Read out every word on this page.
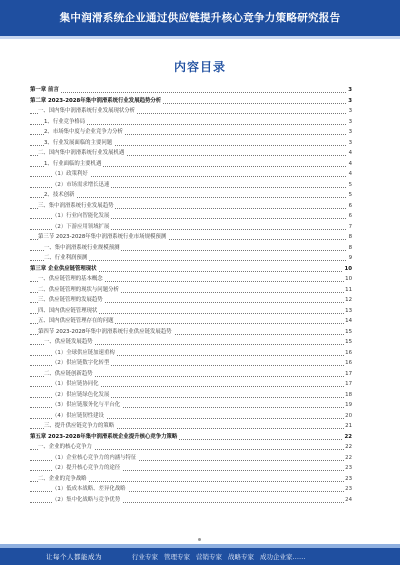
集中润滑系统企业通过供应链提升核心竞争力策略研究报告
内容目录
第一章 前言	3
第二章 2023-2028年集中润滑系统行业发展趋势分析	3
一、国内集中润滑系统行业发展现状分析	3
1、行业竞争格局	3
2、市场集中度与企业竞争力分析	3
3、行业发展面临的主要问题	3
二、国内集中润滑系统行业发展机遇	4
1、行业面临的主要机遇	4
（1）政策利好	4
（2）市场需求增长迅速	5
2、技术创新	5
三、集中润滑系统行业发展趋势	6
（1）行业向智能化发展	6
（2）下游应用领域扩展	7
第三节 2023-2028年集中润滑系统行业市场规模预测	8
一、集中润滑系统行业规模预测	8
二、行业利润预测	9
第三章 企业供应链管理现状	10
一、供应链管理的基本概念	10
二、供应链管理的现状与问题分析	11
三、供应链管理的发展趋势	12
四、国内供应链管理现状	13
五、国内供应链管理存在的问题	14
第四节 2023-2028年集中润滑系统行业供应链发展趋势	15
一、供应链发展趋势	15
（1）全球供应链加速重构	16
（2）供应链数字化转型	16
二、供应链创新趋势	17
（1）供应链协同化	17
（2）供应链绿色化发展	18
（3）供应链服务化与平台化	19
（4）供应链韧性建设	20
三、提升供应链竞争力的策略	21
第五章 2023-2028年集中润滑系统企业提升核心竞争力策略	22
一、企业的核心竞争力	22
（1）企业核心竞争力的内涵与特征	22
（2）提升核心竞争力的途径	23
二、企业的竞争战略	23
（1）低成本战略、差异化战略	23
（2）集中化战略与竞争优势	24
让每个人都能成为	行业专家 管理专家 营销专家 战略专家 成功企业家……
